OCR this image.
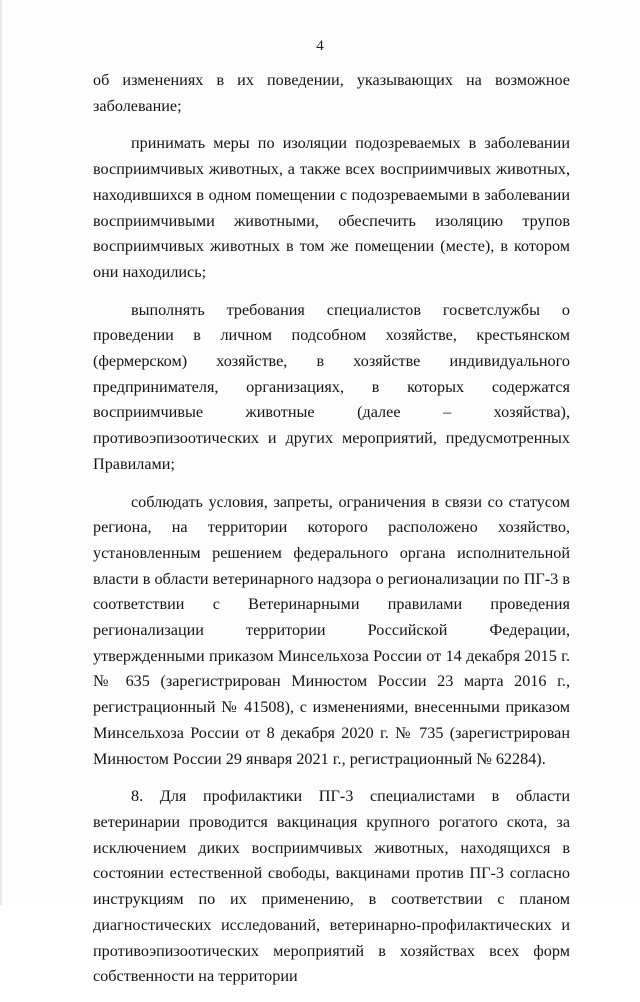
4

об изменениях в их поведении, указывающих на возможное заболевание;

принимать меры по изоляции подозреваемых в заболевании восприимчивых животных, а также всех восприимчивых животных, находившихся в одном помещении с подозреваемыми в заболевании восприимчивыми животными, обеспечить изоляцию трупов восприимчивых животных в том же помещении (месте), в котором они находились;

выполнять требования специалистов госветслужбы о проведении в личном подсобном хозяйстве, крестьянском (фермерском) хозяйстве, в хозяйстве индивидуального предпринимателя, организациях, в которых содержатся восприимчивые животные (далее – хозяйства), противоэпизоотических и других мероприятий, предусмотренных Правилами;

соблюдать условия, запреты, ограничения в связи со статусом региона, на территории которого расположено хозяйство, установленным решением федерального органа исполнительной власти в области ветеринарного надзора о регионализации по ПГ-3 в соответствии с Ветеринарными правилами проведения регионализации территории Российской Федерации, утвержденными приказом Минсельхоза России от 14 декабря 2015 г. № 635 (зарегистрирован Минюстом России 23 марта 2016 г., регистрационный № 41508), с изменениями, внесенными приказом Минсельхоза России от 8 декабря 2020 г. № 735 (зарегистрирован Минюстом России 29 января 2021 г., регистрационный № 62284).

8. Для профилактики ПГ-3 специалистами в области ветеринарии проводится вакцинация крупного рогатого скота, за исключением диких восприимчивых животных, находящихся в состоянии естественной свободы, вакцинами против ПГ-3 согласно инструкциям по их применению, в соответствии с планом диагностических исследований, ветеринарно-профилактических и противоэпизоотических мероприятий в хозяйствах всех форм собственности на территории
